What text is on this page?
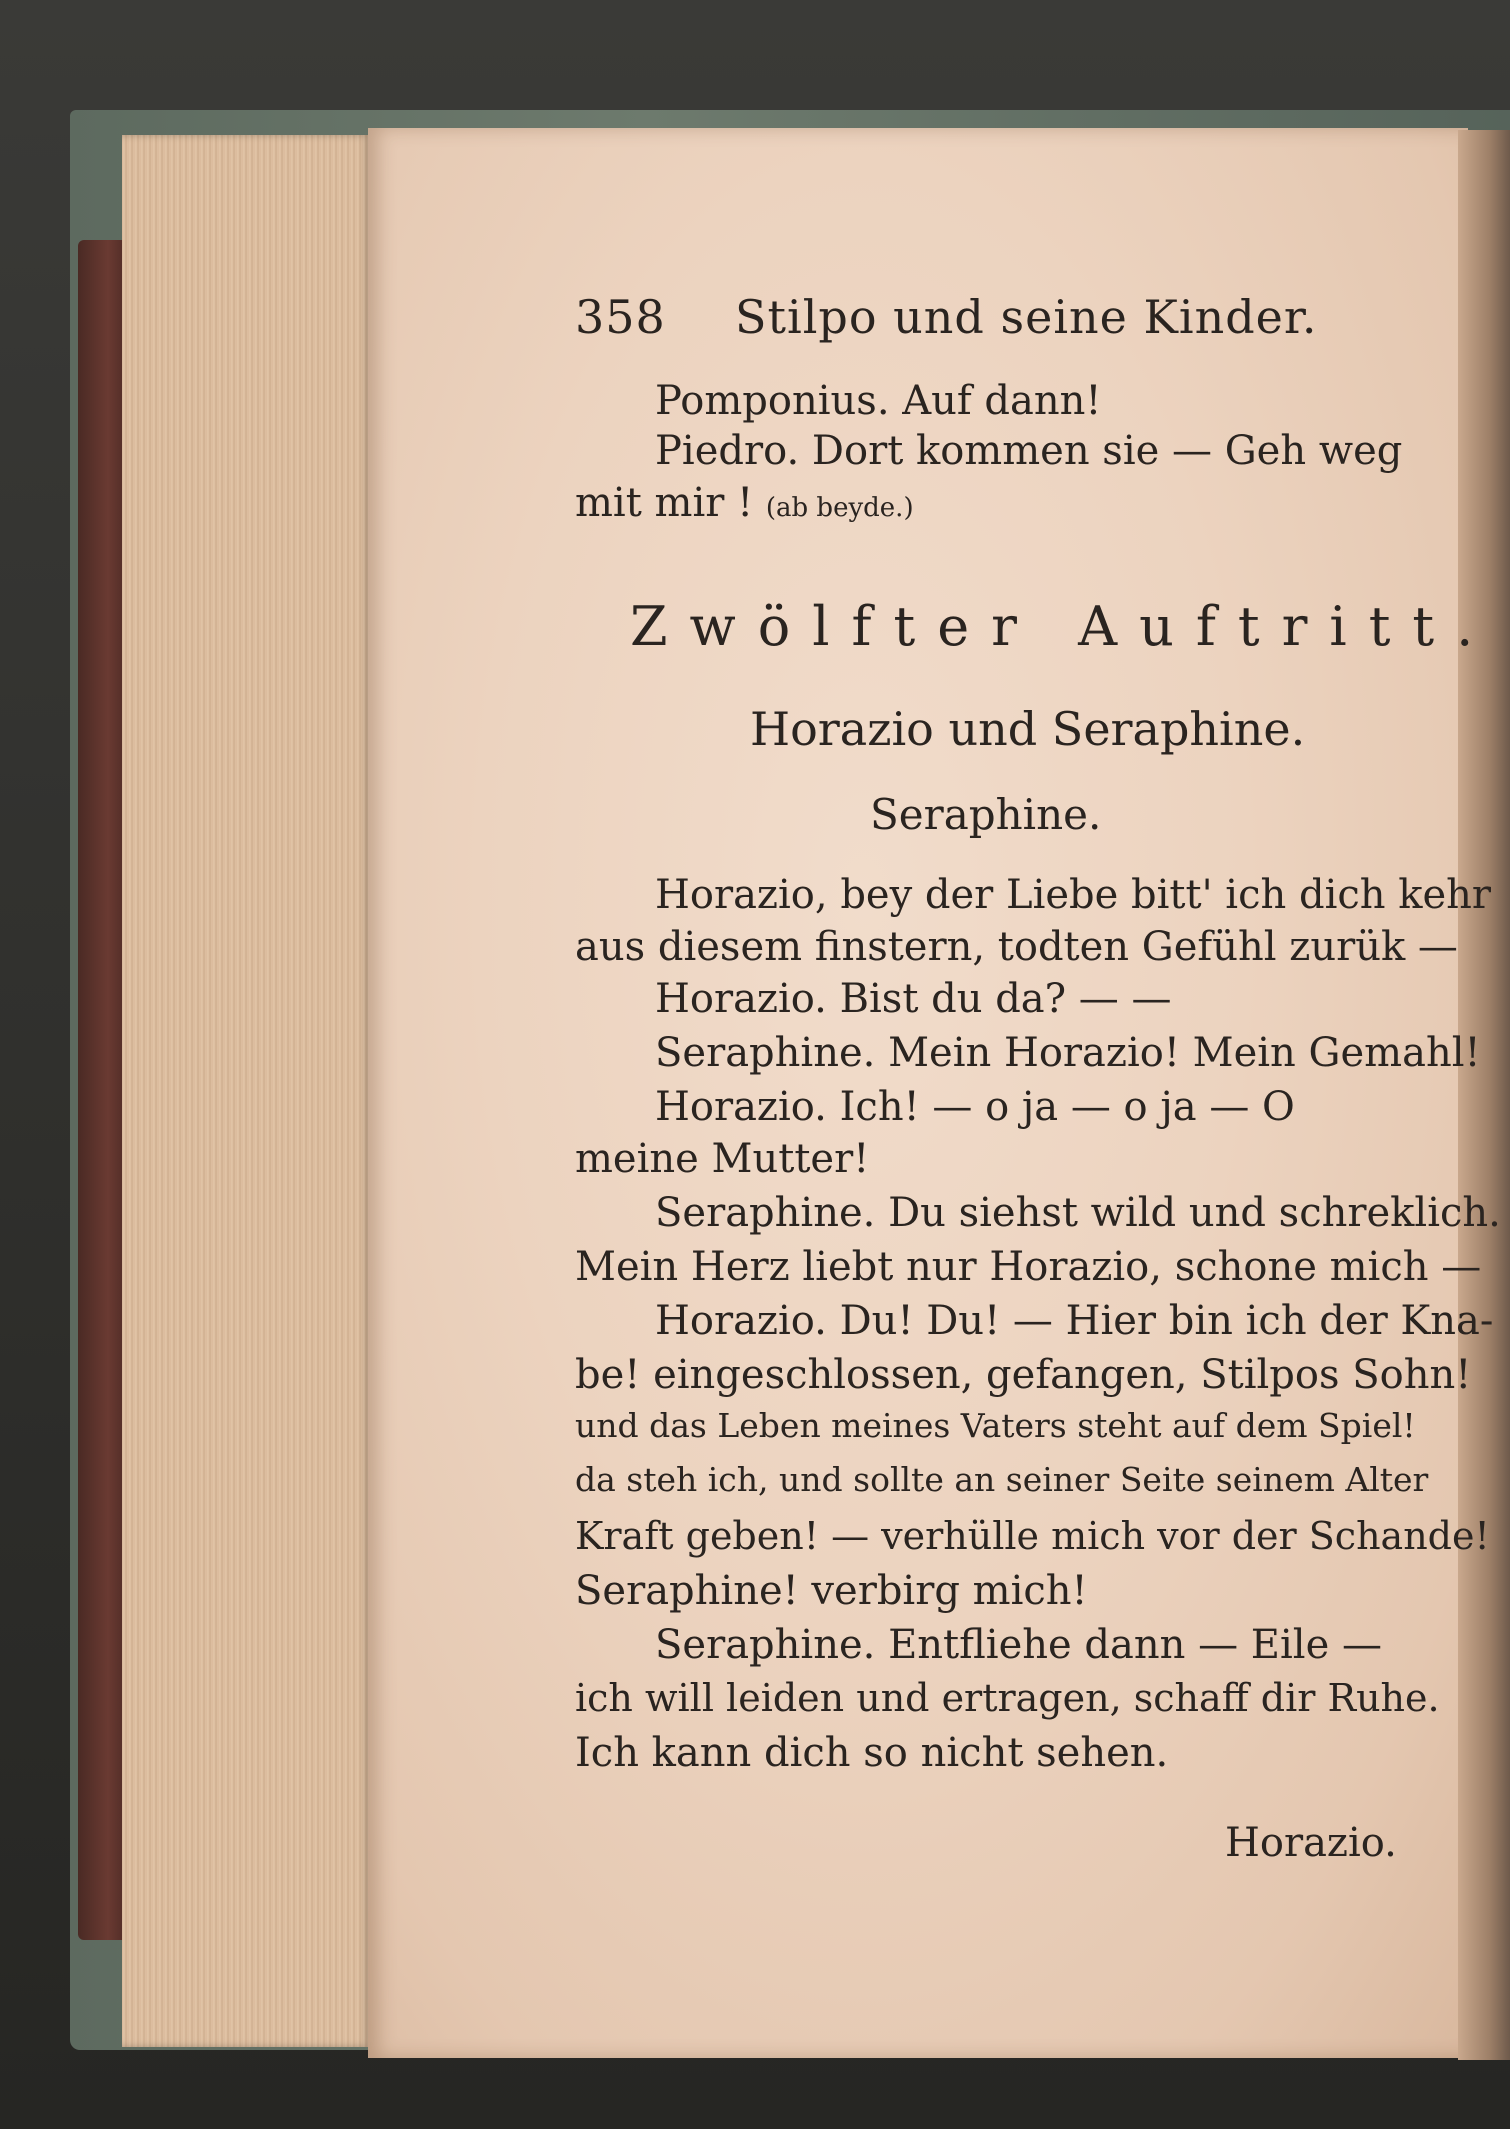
358 Stilpo und seine Kinder.
Pomponius. Auf dann!
Piedro. Dort kommen sie — Geh weg
mit mir ! (ab beyde.)
Zwölfter Auftritt.
Horazio und Seraphine.
Seraphine.
Horazio, bey der Liebe bitt' ich dich kehr
aus diesem finstern, todten Gefühl zurük —
Horazio. Bist du da? — —
Seraphine. Mein Horazio! Mein Gemahl!
Horazio. Ich! — o ja — o ja — O
meine Mutter!
Seraphine. Du siehst wild und schreklich.
Mein Herz liebt nur Horazio, schone mich —
Horazio. Du! Du! — Hier bin ich der Kna-
be! eingeschlossen, gefangen, Stilpos Sohn!
und das Leben meines Vaters steht auf dem Spiel!
da steh ich, und sollte an seiner Seite seinem Alter
Kraft geben! — verhülle mich vor der Schande!
Seraphine! verbirg mich!
Seraphine. Entfliehe dann — Eile —
ich will leiden und ertragen, schaff dir Ruhe.
Ich kann dich so nicht sehen.
Horazio.
